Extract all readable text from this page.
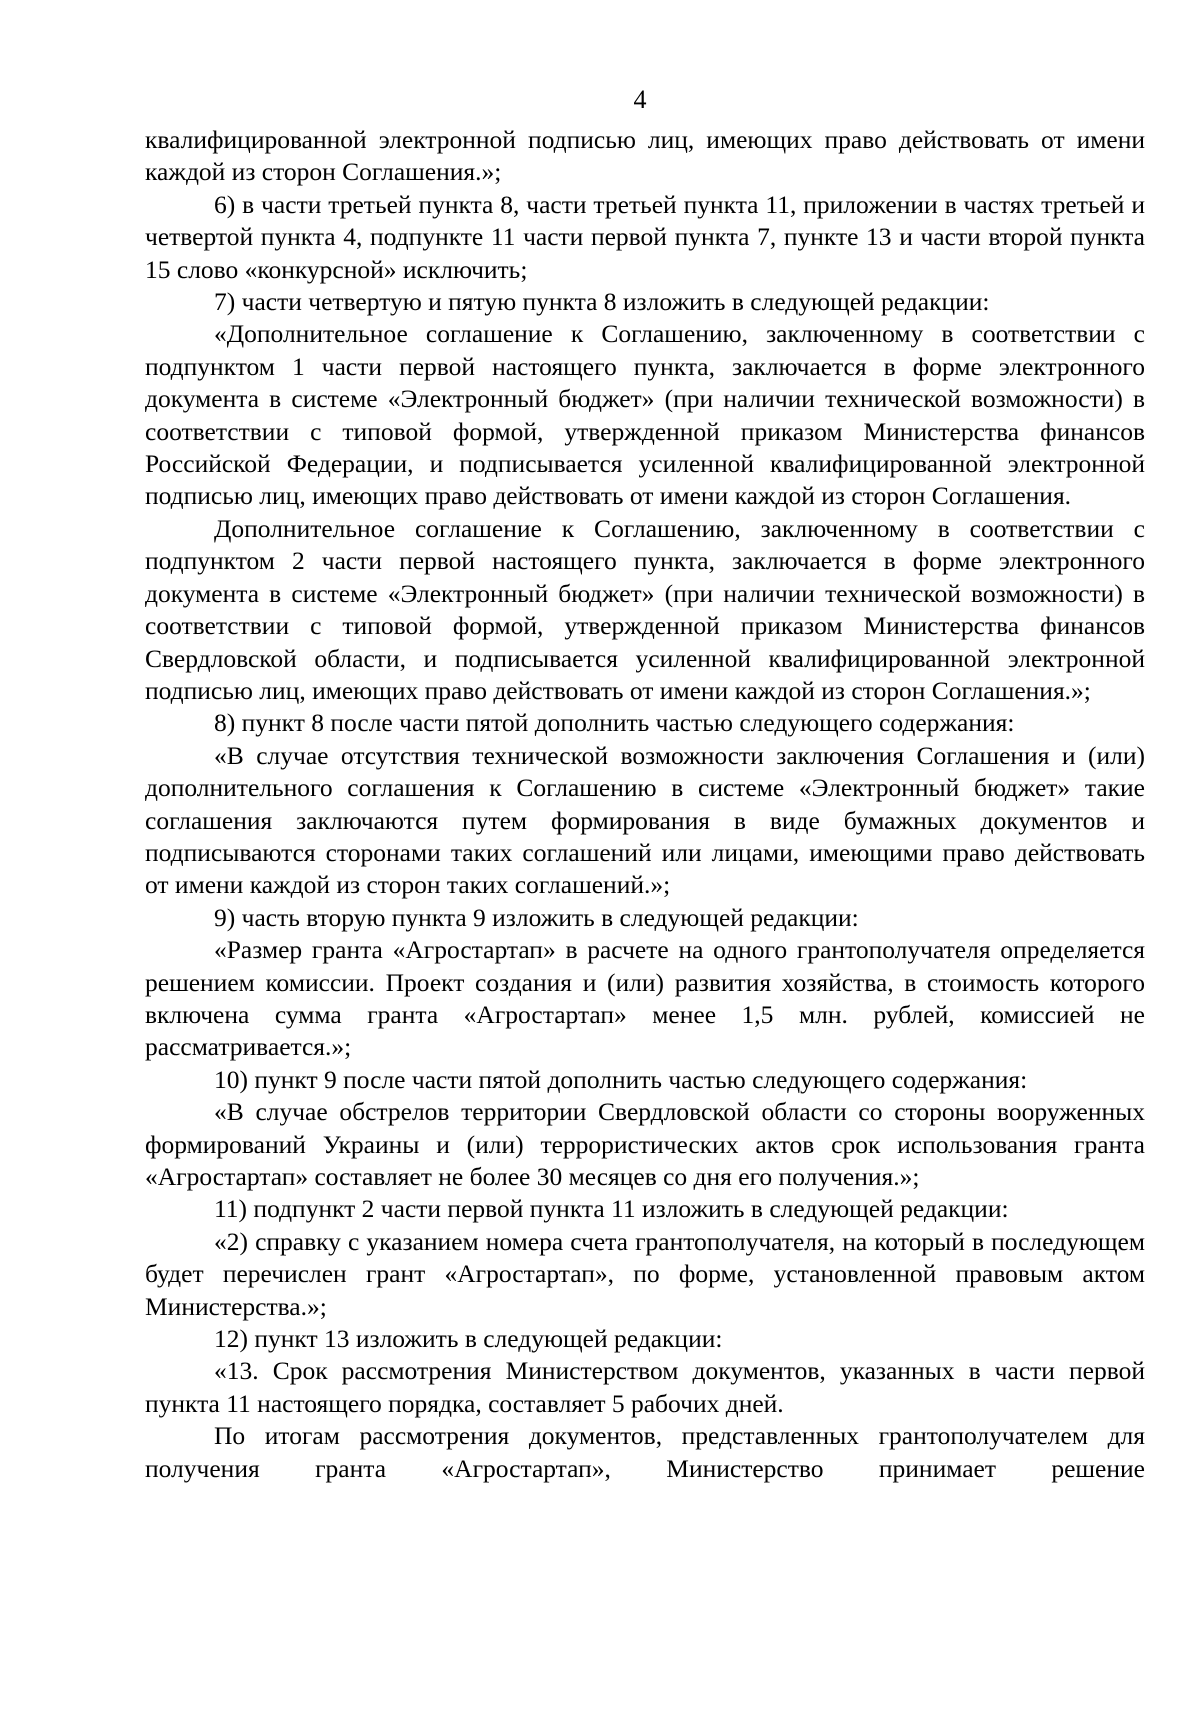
4

квалифицированной электронной подписью лиц, имеющих право действовать от имени каждой из сторон Соглашения.»;

6) в части третьей пункта 8, части третьей пункта 11, приложении в частях третьей и четвертой пункта 4, подпункте 11 части первой пункта 7, пункте 13 и части второй пункта 15 слово «конкурсной» исключить;

7) части четвертую и пятую пункта 8 изложить в следующей редакции:

«Дополнительное соглашение к Соглашению, заключенному в соответствии с подпунктом 1 части первой настоящего пункта, заключается в форме электронного документа в системе «Электронный бюджет» (при наличии технической возможности) в соответствии с типовой формой, утвержденной приказом Министерства финансов Российской Федерации, и подписывается усиленной квалифицированной электронной подписью лиц, имеющих право действовать от имени каждой из сторон Соглашения.

Дополнительное соглашение к Соглашению, заключенному в соответствии с подпунктом 2 части первой настоящего пункта, заключается в форме электронного документа в системе «Электронный бюджет» (при наличии технической возможности) в соответствии с типовой формой, утвержденной приказом Министерства финансов Свердловской области, и подписывается усиленной квалифицированной электронной подписью лиц, имеющих право действовать от имени каждой из сторон Соглашения.»;

8) пункт 8 после части пятой дополнить частью следующего содержания:

«В случае отсутствия технической возможности заключения Соглашения и (или) дополнительного соглашения к Соглашению в системе «Электронный бюджет» такие соглашения заключаются путем формирования в виде бумажных документов и подписываются сторонами таких соглашений или лицами, имеющими право действовать от имени каждой из сторон таких соглашений.»;

9) часть вторую пункта 9 изложить в следующей редакции:

«Размер гранта «Агростартап» в расчете на одного грантополучателя определяется решением комиссии. Проект создания и (или) развития хозяйства, в стоимость которого включена сумма гранта «Агростартап» менее 1,5 млн. рублей, комиссией не рассматривается.»;

10) пункт 9 после части пятой дополнить частью следующего содержания:

«В случае обстрелов территории Свердловской области со стороны вооруженных формирований Украины и (или) террористических актов срок использования гранта «Агростартап» составляет не более 30 месяцев со дня его получения.»;

11) подпункт 2 части первой пункта 11 изложить в следующей редакции:

«2) справку с указанием номера счета грантополучателя, на который в последующем будет перечислен грант «Агростартап», по форме, установленной правовым актом Министерства.»;

12) пункт 13 изложить в следующей редакции:

«13. Срок рассмотрения Министерством документов, указанных в части первой пункта 11 настоящего порядка, составляет 5 рабочих дней.

По итогам рассмотрения документов, представленных грантополучателем для получения гранта «Агростартап», Министерство принимает решение
